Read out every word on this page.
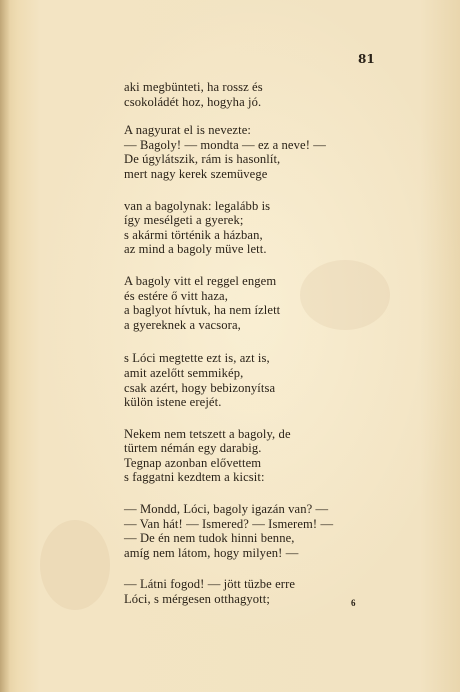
81
aki megbünteti, ha rossz és
csokoládét hoz, hogyha jó.
A nagyurat el is nevezte:
— Bagoly! — mondta — ez a neve! —
De úgylátszik, rám is hasonlít,
mert nagy kerek szemüvege
van a bagolynak: legalább is
így mesélgeti a gyerek;
s akármi történik a házban,
az mind a bagoly müve lett.
A bagoly vitt el reggel engem
és estére ő vitt haza,
a baglyot hívtuk, ha nem ízlett
a gyereknek a vacsora,
s Lóci megtette ezt is, azt is,
amit azelőtt semmikép,
csak azért, hogy bebizonyítsa
külön istene erejét.
Nekem nem tetszett a bagoly, de
türtem némán egy darabig.
Tegnap azonban elővettem
s faggatni kezdtem a kicsit:
— Mondd, Lóci, bagoly igazán van? —
— Van hát! — Ismered? — Ismerem! —
— De én nem tudok hinni benne,
amíg nem látom, hogy milyen! —
— Látni fogod! — jött tüzbe erre
Lóci, s mérgesen otthagyott;	6
